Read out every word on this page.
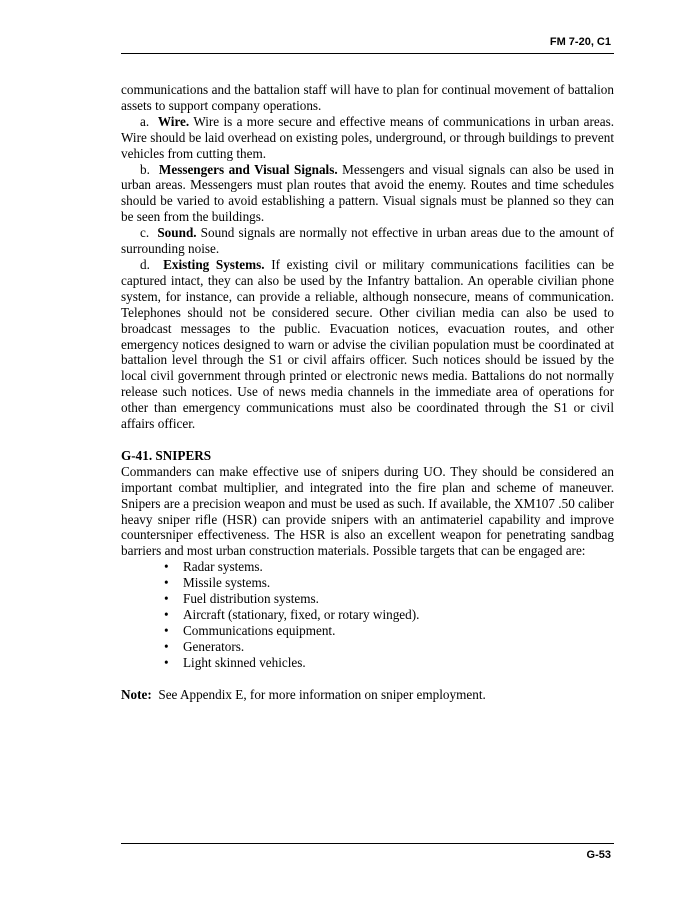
FM 7-20, C1

communications and the battalion staff will have to plan for continual movement of battalion assets to support company operations.

a. Wire. Wire is a more secure and effective means of communications in urban areas. Wire should be laid overhead on existing poles, underground, or through buildings to prevent vehicles from cutting them.

b. Messengers and Visual Signals. Messengers and visual signals can also be used in urban areas. Messengers must plan routes that avoid the enemy. Routes and time schedules should be varied to avoid establishing a pattern. Visual signals must be planned so they can be seen from the buildings.

c. Sound. Sound signals are normally not effective in urban areas due to the amount of surrounding noise.

d. Existing Systems. If existing civil or military communications facilities can be captured intact, they can also be used by the Infantry battalion. An operable civilian phone system, for instance, can provide a reliable, although nonsecure, means of communication. Telephones should not be considered secure. Other civilian media can also be used to broadcast messages to the public. Evacuation notices, evacuation routes, and other emergency notices designed to warn or advise the civilian population must be coordinated at battalion level through the S1 or civil affairs officer. Such notices should be issued by the local civil government through printed or electronic news media. Battalions do not normally release such notices. Use of news media channels in the immediate area of operations for other than emergency communications must also be coordinated through the S1 or civil affairs officer.

G-41. SNIPERS

Commanders can make effective use of snipers during UO. They should be considered an important combat multiplier, and integrated into the fire plan and scheme of maneuver. Snipers are a precision weapon and must be used as such. If available, the XM107 .50 caliber heavy sniper rifle (HSR) can provide snipers with an antimateriel capability and improve countersniper effectiveness. The HSR is also an excellent weapon for penetrating sandbag barriers and most urban construction materials. Possible targets that can be engaged are:

• Radar systems.
• Missile systems.
• Fuel distribution systems.
• Aircraft (stationary, fixed, or rotary winged).
• Communications equipment.
• Generators.
• Light skinned vehicles.

Note: See Appendix E, for more information on sniper employment.

G-53
